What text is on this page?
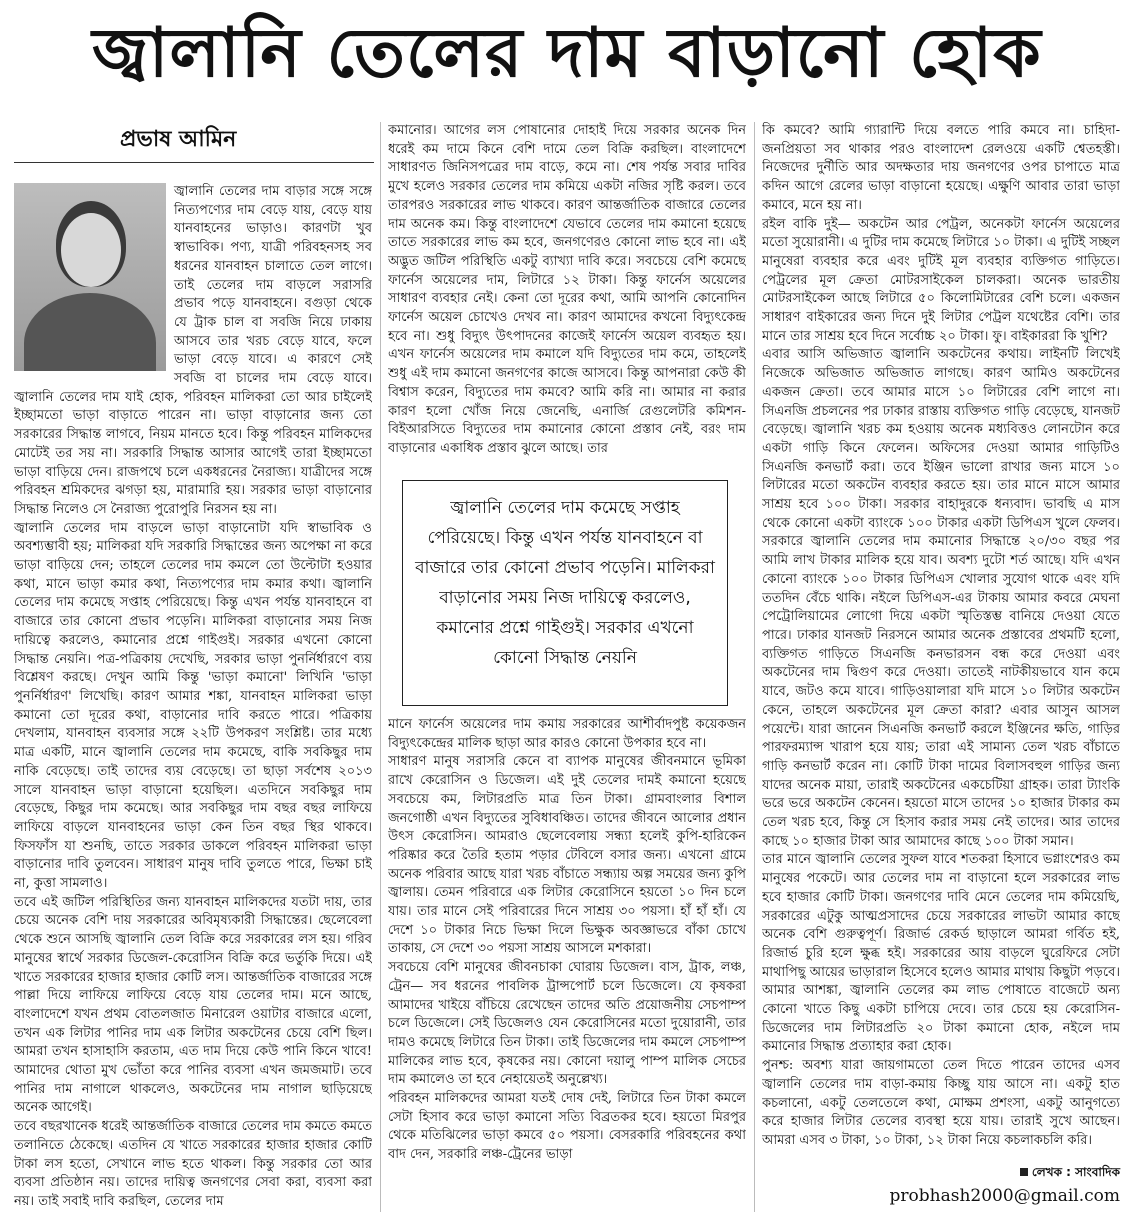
জ্বালানি তেলের দাম বাড়ানো হোক
প্রভাষ আমিন

জ্বালানি তেলের দাম বাড়ার সঙ্গে সঙ্গে নিত্যপণ্যের দাম বেড়ে যায়, বেড়ে যায় যানবাহনের ভাড়াও। কারণটা খুব স্বাভাবিক। পণ্য, যাত্রী পরিবহনসহ সব ধরনের যানবাহন চালাতে তেল লাগে। তাই তেলের দাম বাড়লে সরাসরি প্রভাব পড়ে যানবাহনে। বগুড়া থেকে যে ট্রাক চাল বা সবজি নিয়ে ঢাকায় আসবে তার খরচ বেড়ে যাবে, ফলে ভাড়া বেড়ে যাবে। এ কারণে সেই সবজি বা চালের দাম বেড়ে যাবে। জ্বালানি তেলের দাম যাই হোক, পরিবহন মালিকরা তো আর চাইলেই ইচ্ছামতো ভাড়া বাড়াতে পারেন না। ভাড়া বাড়ানোর জন্য তো সরকারের সিদ্ধান্ত লাগবে, নিয়ম মানতে হবে। কিন্তু পরিবহন মালিকদের মোটেই তর সয় না। সরকারি সিদ্ধান্ত আসার আগেই তারা ইচ্ছামতো ভাড়া বাড়িয়ে দেন। রাজপথে চলে একধরনের নৈরাজ্য। যাত্রীদের সঙ্গে পরিবহন শ্রমিকদের ঝগড়া হয়, মারামারি হয়। সরকার ভাড়া বাড়ানোর সিদ্ধান্ত নিলেও সে নৈরাজ্য পুরোপুরি নিরসন হয় না।

জ্বালানি তেলের দাম বাড়লে ভাড়া বাড়ানোটা যদি স্বাভাবিক ও অবশ্যম্ভাবী হয়; মালিকরা যদি সরকারি সিদ্ধান্তের জন্য অপেক্ষা না করে ভাড়া বাড়িয়ে দেন; তাহলে তেলের দাম কমলে তো উল্টোটা হওয়ার কথা, মানে ভাড়া কমার কথা, নিত্যপণ্যের দাম কমার কথা। জ্বালানি তেলের দাম কমেছে সপ্তাহ পেরিয়েছে। কিন্তু এখন পর্যন্ত যানবাহনে বা বাজারে তার কোনো প্রভাব পড়েনি। মালিকরা বাড়ানোর সময় নিজ দায়িত্বে করলেও, কমানোর প্রশ্নে গাইগুই। সরকার এখনো কোনো সিদ্ধান্ত নেয়নি। পত্র-পত্রিকায় দেখেছি, সরকার ভাড়া পুনর্নির্ধারণে ব্যয় বিশ্লেষণ করছে। দেখুন আমি কিন্তু 'ভাড়া কমানো' লিখিনি 'ভাড়া পুনর্নির্ধারণ' লিখেছি। কারণ আমার শঙ্কা, যানবাহন মালিকরা ভাড়া কমানো তো দূরের কথা, বাড়ানোর দাবি করতে পারে। পত্রিকায় দেখলাম, যানবাহন ব্যবসার সঙ্গে ২২টি উপকরণ সংশ্লিষ্ট। তার মধ্যে মাত্র একটি, মানে জ্বালানি তেলের দাম কমেছে, বাকি সবকিছুর দাম নাকি বেড়েছে। তাই তাদের ব্যয় বেড়েছে। তা ছাড়া সর্বশেষ ২০১৩ সালে যানবাহন ভাড়া বাড়ানো হয়েছিল। এতদিনে সবকিছুর দাম বেড়েছে, কিছুর দাম কমেছে। আর সবকিছুর দাম বছর বছর লাফিয়ে লাফিয়ে বাড়লে যানবাহনের ভাড়া কেন তিন বছর স্থির থাকবে। ফিসফাঁস যা শুনছি, তাতে সরকার ডাকলে পরিবহন মালিকরা ভাড়া বাড়ানোর দাবি তুলবেন। সাধারণ মানুষ দাবি তুলতে পারে, ভিক্ষা চাই না, কুত্তা সামলাও।

তবে এই জটিল পরিস্থিতির জন্য যানবাহন মালিকদের যতটা দায়, তার চেয়ে অনেক বেশি দায় সরকারের অবিমৃষ্যকারী সিদ্ধান্তের। ছেলেবেলা থেকে শুনে আসছি জ্বালানি তেল বিক্রি করে সরকারের লস হয়। গরিব মানুষের স্বার্থে সরকার ডিজেল-কেরোসিন বিক্রি করে ভর্তুকি দিয়ে। এই খাতে সরকারের হাজার হাজার কোটি লস। আন্তর্জাতিক বাজারের সঙ্গে পাল্লা দিয়ে লাফিয়ে লাফিয়ে বেড়ে যায় তেলের দাম। মনে আছে, বাংলাদেশে যখন প্রথম বোতলজাত মিনারেল ওয়াটার বাজারে এলো, তখন এক লিটার পানির দাম এক লিটার অকটেনের চেয়ে বেশি ছিল। আমরা তখন হাসাহাসি করতাম, এত দাম দিয়ে কেউ পানি কিনে খাবে! আমাদের থোতা মুখ ভোঁতা করে পানির ব্যবসা এখন জমজমাট। তবে পানির দাম নাগালে থাকলেও, অকটেনের দাম নাগাল ছাড়িয়েছে অনেক আগেই।

তবে বছরখানেক ধরেই আন্তর্জাতিক বাজারে তেলের দাম কমতে কমতে তলানিতে ঠেকেছে। এতদিন যে খাতে সরকারের হাজার হাজার কোটি টাকা লস হতো, সেখানে লাভ হতে থাকল। কিন্তু সরকার তো আর ব্যবসা প্রতিষ্ঠান নয়। তাদের দায়িত্ব জনগণের সেবা করা, ব্যবসা করা নয়। তাই সবাই দাবি করছিল, তেলের দাম

কমানোর। আগের লস পোষানোর দোহাই দিয়ে সরকার অনেক দিন ধরেই কম দামে কিনে বেশি দামে তেল বিক্রি করছিল। বাংলাদেশে সাধারণত জিনিসপত্রের দাম বাড়ে, কমে না। শেষ পর্যন্ত সবার দাবির মুখে হলেও সরকার তেলের দাম কমিয়ে একটা নজির সৃষ্টি করল। তবে তারপরও সরকারের লাভ থাকবে। কারণ আন্তর্জাতিক বাজারে তেলের দাম অনেক কম। কিন্তু বাংলাদেশে যেভাবে তেলের দাম কমানো হয়েছে তাতে সরকারের লাভ কম হবে, জনগণেরও কোনো লাভ হবে না। এই অদ্ভুত জটিল পরিস্থিতি একটু ব্যাখ্যা দাবি করে। সবচেয়ে বেশি কমেছে ফার্নেস অয়েলের দাম, লিটারে ১২ টাকা। কিন্তু ফার্নেস অয়েলের সাধারণ ব্যবহার নেই। কেনা তো দূরের কথা, আমি আপনি কোনোদিন ফার্নেস অয়েল চোখেও দেখব না। কারণ আমাদের কখনো বিদ্যুৎকেন্দ্র হবে না। শুধু বিদ্যুৎ উৎপাদনের কাজেই ফার্নেস অয়েল ব্যবহৃত হয়। এখন ফার্নেস অয়েলের দাম কমালে যদি বিদ্যুতের দাম কমে, তাহলেই শুধু এই দাম কমানো জনগণের কাজে আসবে। কিন্তু আপনারা কেউ কী বিশ্বাস করেন, বিদ্যুতের দাম কমবে? আমি করি না। আমার না করার কারণ হলো খোঁজ নিয়ে জেনেছি, এনার্জি রেগুলেটরি কমিশন-বিইআরসিতে বিদ্যুতের দাম কমানোর কোনো প্রস্তাব নেই, বরং দাম বাড়ানোর একাধিক প্রস্তাব ঝুলে আছে। তার

জ্বালানি তেলের দাম কমেছে সপ্তাহ পেরিয়েছে। কিন্তু এখন পর্যন্ত যানবাহনে বা বাজারে তার কোনো প্রভাব পড়েনি। মালিকরা বাড়ানোর সময় নিজ দায়িত্বে করলেও, কমানোর প্রশ্নে গাইগুই। সরকার এখনো কোনো সিদ্ধান্ত নেয়নি

মানে ফার্নেস অয়েলের দাম কমায় সরকারের আশীর্বাদপুষ্ট কয়েকজন বিদ্যুৎকেন্দ্রের মালিক ছাড়া আর কারও কোনো উপকার হবে না।

সাধারণ মানুষ সরাসরি কেনে বা ব্যাপক মানুষের জীবনমানে ভূমিকা রাখে কেরোসিন ও ডিজেল। এই দুই তেলের দামই কমানো হয়েছে সবচেয়ে কম, লিটারপ্রতি মাত্র তিন টাকা। গ্রামবাংলার বিশাল জনগোষ্ঠী এখন বিদ্যুতের সুবিধাবঞ্চিত। তাদের জীবনে আলোর প্রধান উৎস কেরোসিন। আমরাও ছেলেবেলায় সন্ধ্যা হলেই কুপি-হারিকেন পরিষ্কার করে তৈরি হতাম পড়ার টেবিলে বসার জন্য। এখনো গ্রামে অনেক পরিবার আছে যারা খরচ বাঁচাতে সন্ধ্যায় অল্প সময়ের জন্য কুপি জ্বালায়। তেমন পরিবারে এক লিটার কেরোসিনে হয়তো ১০ দিন চলে যায়। তার মানে সেই পরিবারের দিনে সাশ্রয় ৩০ পয়সা। হাঁ হাঁ হাঁ। যে দেশে ১০ টাকার নিচে ভিক্ষা দিলে ভিক্ষুক অবজ্ঞাভরে বাঁকা চোখে তাকায়, সে দেশে ৩০ পয়সা সাশ্রয় আসলে মশকারা।

সবচেয়ে বেশি মানুষের জীবনচাকা ঘোরায় ডিজেল। বাস, ট্রাক, লঞ্চ, ট্রেন— সব ধরনের পাবলিক ট্রান্সপোর্ট চলে ডিজেলে। যে কৃষকরা আমাদের খাইয়ে বাঁচিয়ে রেখেছেন তাদের অতি প্রয়োজনীয় সেচপাম্প চলে ডিজেলে। সেই ডিজেলও যেন কেরোসিনের মতো দুয়োরানী, তার দামও কমেছে লিটারে তিন টাকা। তাই ডিজেলের দাম কমলে সেচপাম্প মালিকের লাভ হবে, কৃষকের নয়। কোনো দয়ালু পাম্প মালিক সেচের দাম কমালেও তা হবে নেহায়েতই অনুল্লেখ্য।

পরিবহন মালিকদের আমরা যতই দোষ দেই, লিটারে তিন টাকা কমলে সেটা হিসাব করে ভাড়া কমানো সত্যি বিব্রতকর হবে। হয়তো মিরপুর থেকে মতিঝিলের ভাড়া কমবে ৫০ পয়সা। বেসরকারি পরিবহনের কথা বাদ দেন, সরকারি লঞ্চ-ট্রেনের ভাড়া

কি কমবে? আমি গ্যারান্টি দিয়ে বলতে পারি কমবে না। চাহিদা-জনপ্রিয়তা সব থাকার পরও বাংলাদেশ রেলওয়ে একটি শ্বেতহস্তী। নিজেদের দুর্নীতি আর অদক্ষতার দায় জনগণের ওপর চাপাতে মাত্র কদিন আগে রেলের ভাড়া বাড়ানো হয়েছে। এক্ষুণি আবার তারা ভাড়া কমাবে, মনে হয় না।

রইল বাকি দুই— অকটেন আর পেট্রল, অনেকটা ফার্নেস অয়েলের মতো সুয়োরানী। এ দুটির দাম কমেছে লিটারে ১০ টাকা। এ দুটিই সচ্ছল মানুষেরা ব্যবহার করে এবং দুটিই মূল ব্যবহার ব্যক্তিগত গাড়িতে। পেট্রলের মূল ক্রেতা মোটরসাইকেল চালকরা। অনেক ভারতীয় মোটরসাইকেল আছে লিটারে ৫০ কিলোমিটারের বেশি চলে। একজন সাধারণ বাইকারের জন্য দিনে দুই লিটার পেট্রল যথেষ্টের বেশি। তার মানে তার সাশ্রয় হবে দিনে সর্বোচ্চ ২০ টাকা। ফু। বাইকাররা কি খুশি?

এবার আসি অভিজাত জ্বালানি অকটেনের কথায়। লাইনটি লিখেই নিজেকে অভিজাত অভিজাত লাগছে। কারণ আমিও অকটেনের একজন ক্রেতা। তবে আমার মাসে ১০ লিটারের বেশি লাগে না। সিএনজি প্রচলনের পর ঢাকার রাস্তায় ব্যক্তিগত গাড়ি বেড়েছে, যানজট বেড়েছে। জ্বালানি খরচ কম হওয়ায় অনেক মধ্যবিত্তও লোনটোন করে একটা গাড়ি কিনে ফেলেন। অফিসের দেওয়া আমার গাড়িটিও সিএনজি কনভার্ট করা। তবে ইঞ্জিন ভালো রাখার জন্য মাসে ১০ লিটারের মতো অকটেন ব্যবহার করতে হয়। তার মানে মাসে আমার সাশ্রয় হবে ১০০ টাকা। সরকার বাহাদুরকে ধন্যবাদ। ভাবছি এ মাস থেকে কোনো একটা ব্যাংকে ১০০ টাকার একটা ডিপিএস খুলে ফেলব। সরকারে জ্বালানি তেলের দাম কমানোর সিদ্ধান্তে ২০/৩০ বছর পর আমি লাখ টাকার মালিক হয়ে যাব। অবশ্য দুটো শর্ত আছে। যদি এখন কোনো ব্যাংকে ১০০ টাকার ডিপিএস খোলার সুযোগ থাকে এবং যদি ততদিন বেঁচে থাকি। নইলে ডিপিএস-এর টাকায় আমার কবরে মেঘনা পেট্রোলিয়ামের লোগো দিয়ে একটা স্মৃতিস্তম্ভ বানিয়ে দেওয়া যেতে পারে। ঢাকার যানজট নিরসনে আমার অনেক প্রস্তাবের প্রথমটি হলো, ব্যক্তিগত গাড়িতে সিএনজি কনভারসন বন্ধ করে দেওয়া এবং অকটেনের দাম দ্বিগুণ করে দেওয়া। তাতেই নাটকীয়ভাবে যান কমে যাবে, জটও কমে যাবে। গাড়িওয়ালারা যদি মাসে ১০ লিটার অকটেন কেনে, তাহলে অকটেনের মূল ক্রেতা কারা? এবার আসুন আসল পয়েন্টে। যারা জানেন সিএনজি কনভার্ট করলে ইঞ্জিনের ক্ষতি, গাড়ির পারফরম্যান্স খারাপ হয়ে যায়; তারা এই সামান্য তেল খরচ বাঁচাতে গাড়ি কনভার্ট করেন না। কোটি টাকা দামের বিলাসবহুল গাড়ির জন্য যাদের অনেক মায়া, তারাই অকটেনের একচেটিয়া গ্রাহক। তারা ট্যাংকি ভরে ভরে অকটেন কেনেন। হয়তো মাসে তাদের ১০ হাজার টাকার কম তেল খরচ হবে, কিন্তু সে হিসাব করার সময় নেই তাদের। আর তাদের কাছে ১০ হাজার টাকা আর আমাদের কাছে ১০০ টাকা সমান।

তার মানে জ্বালানি তেলের সুফল যাবে শতকরা হিসাবে ভগ্নাংশেরও কম মানুষের পকেটে। আর তেলের দাম না বাড়ানো হলে সরকারের লাভ হবে হাজার কোটি টাকা। জনগণের দাবি মেনে তেলের দাম কমিয়েছি, সরকারের এটুকু আত্মপ্রসাদের চেয়ে সরকারের লাভটা আমার কাছে অনেক বেশি গুরুত্বপূর্ণ। রিজার্ভ রেকর্ড ছাড়ালে আমরা গর্বিত হই, রিজার্ভ চুরি হলে ক্ষুব্ধ হই। সরকারের আয় বাড়লে ঘুরেফিরে সেটা মাথাপিছু আয়ের ভাড়ারাল হিসেবে হলেও আমার মাথায় কিছুটা পড়বে। আমার আশঙ্কা, জ্বালানি তেলের কম লাভ পোষাতে বাজেটে অন্য কোনো খাতে কিছু একটা চাপিয়ে দেবে। তার চেয়ে হয় কেরোসিন-ডিজেলের দাম লিটারপ্রতি ২০ টাকা কমানো হোক, নইলে দাম কমানোর সিদ্ধান্ত প্রত্যাহার করা হোক।

পুনশ্চ: অবশ্য যারা জায়গামতো তেল দিতে পারেন তাদের এসব জ্বালানি তেলের দাম বাড়া-কমায় কিচ্ছু যায় আসে না। একটু হাত কচলানো, একটু তেলতেলে কথা, মোক্ষম প্রশংসা, একটু আনুগত্যে করে হাজার লিটার তেলের ব্যবস্থা হয়ে যায়। তারাই সুখে আছেন। আমরা এসব ৩ টাকা, ১০ টাকা, ১২ টাকা নিয়ে কচলাকচলি করি।

লেখক : সাংবাদিক
probhash2000@gmail.com
